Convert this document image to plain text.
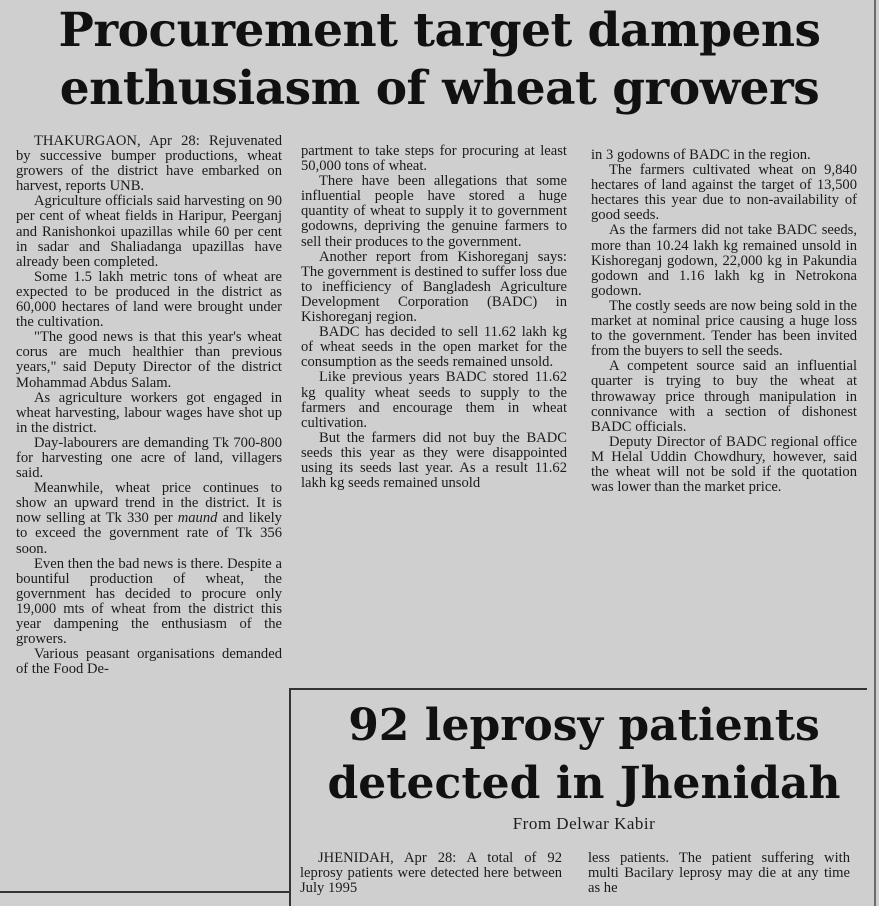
Procurement target dampens
enthusiasm of wheat growers

THAKURGAON, Apr 28: Rejuvenated by successive bumper productions, wheat growers of the district have embarked on harvest, reports UNB.

Agriculture officials said harvesting on 90 per cent of wheat fields in Haripur, Peerganj and Ranishonkoi upazillas while 60 per cent in sadar and Shaliadanga upazillas have already been completed.

Some 1.5 lakh metric tons of wheat are expected to be produced in the district as 60,000 hectares of land were brought under the cultivation.

"The good news is that this year's wheat corus are much healthier than previous years," said Deputy Director of the district Mohammad Abdus Salam.

As agriculture workers got engaged in wheat harvesting, labour wages have shot up in the district.

Day-labourers are demanding Tk 700-800 for harvesting one acre of land, villagers said.

Meanwhile, wheat price continues to show an upward trend in the district. It is now selling at Tk 330 per maund and likely to exceed the government rate of Tk 356 soon.

Even then the bad news is there. Despite a bountiful production of wheat, the government has decided to procure only 19,000 mts of wheat from the district this year dampening the enthusiasm of the growers.

Various peasant organisations demanded of the Food De-

partment to take steps for procuring at least 50,000 tons of wheat.

There have been allegations that some influential people have stored a huge quantity of wheat to supply it to government godowns, depriving the genuine farmers to sell their produces to the government.

Another report from Kishoreganj says: The government is destined to suffer loss due to inefficiency of Bangladesh Agriculture Development Corporation (BADC) in Kishoreganj region.

BADC has decided to sell 11.62 lakh kg of wheat seeds in the open market for the consumption as the seeds remained unsold.

Like previous years BADC stored 11.62 kg quality wheat seeds to supply to the farmers and encourage them in wheat cultivation.

But the farmers did not buy the BADC seeds this year as they were disappointed using its seeds last year. As a result 11.62 lakh kg seeds remained unsold

in 3 godowns of BADC in the region.

The farmers cultivated wheat on 9,840 hectares of land against the target of 13,500 hectares this year due to non-availability of good seeds.

As the farmers did not take BADC seeds, more than 10.24 lakh kg remained unsold in Kishoreganj godown, 22,000 kg in Pakundia godown and 1.16 lakh kg in Netrokona godown.

The costly seeds are now being sold in the market at nominal price causing a huge loss to the government. Tender has been invited from the buyers to sell the seeds.

A competent source said an influential quarter is trying to buy the wheat at throwaway price through manipulation in connivance with a section of dishonest BADC officials.

Deputy Director of BADC regional office M Helal Uddin Chowdhury, however, said the wheat will not be sold if the quotation was lower than the market price.

92 leprosy patients
detected in Jhenidah
From Delwar Kabir

JHENIDAH, Apr 28: A total of 92 leprosy patients were detected here between July 1995

less patients. The patient suffering with multi Bacilary leprosy may die at any time as he
